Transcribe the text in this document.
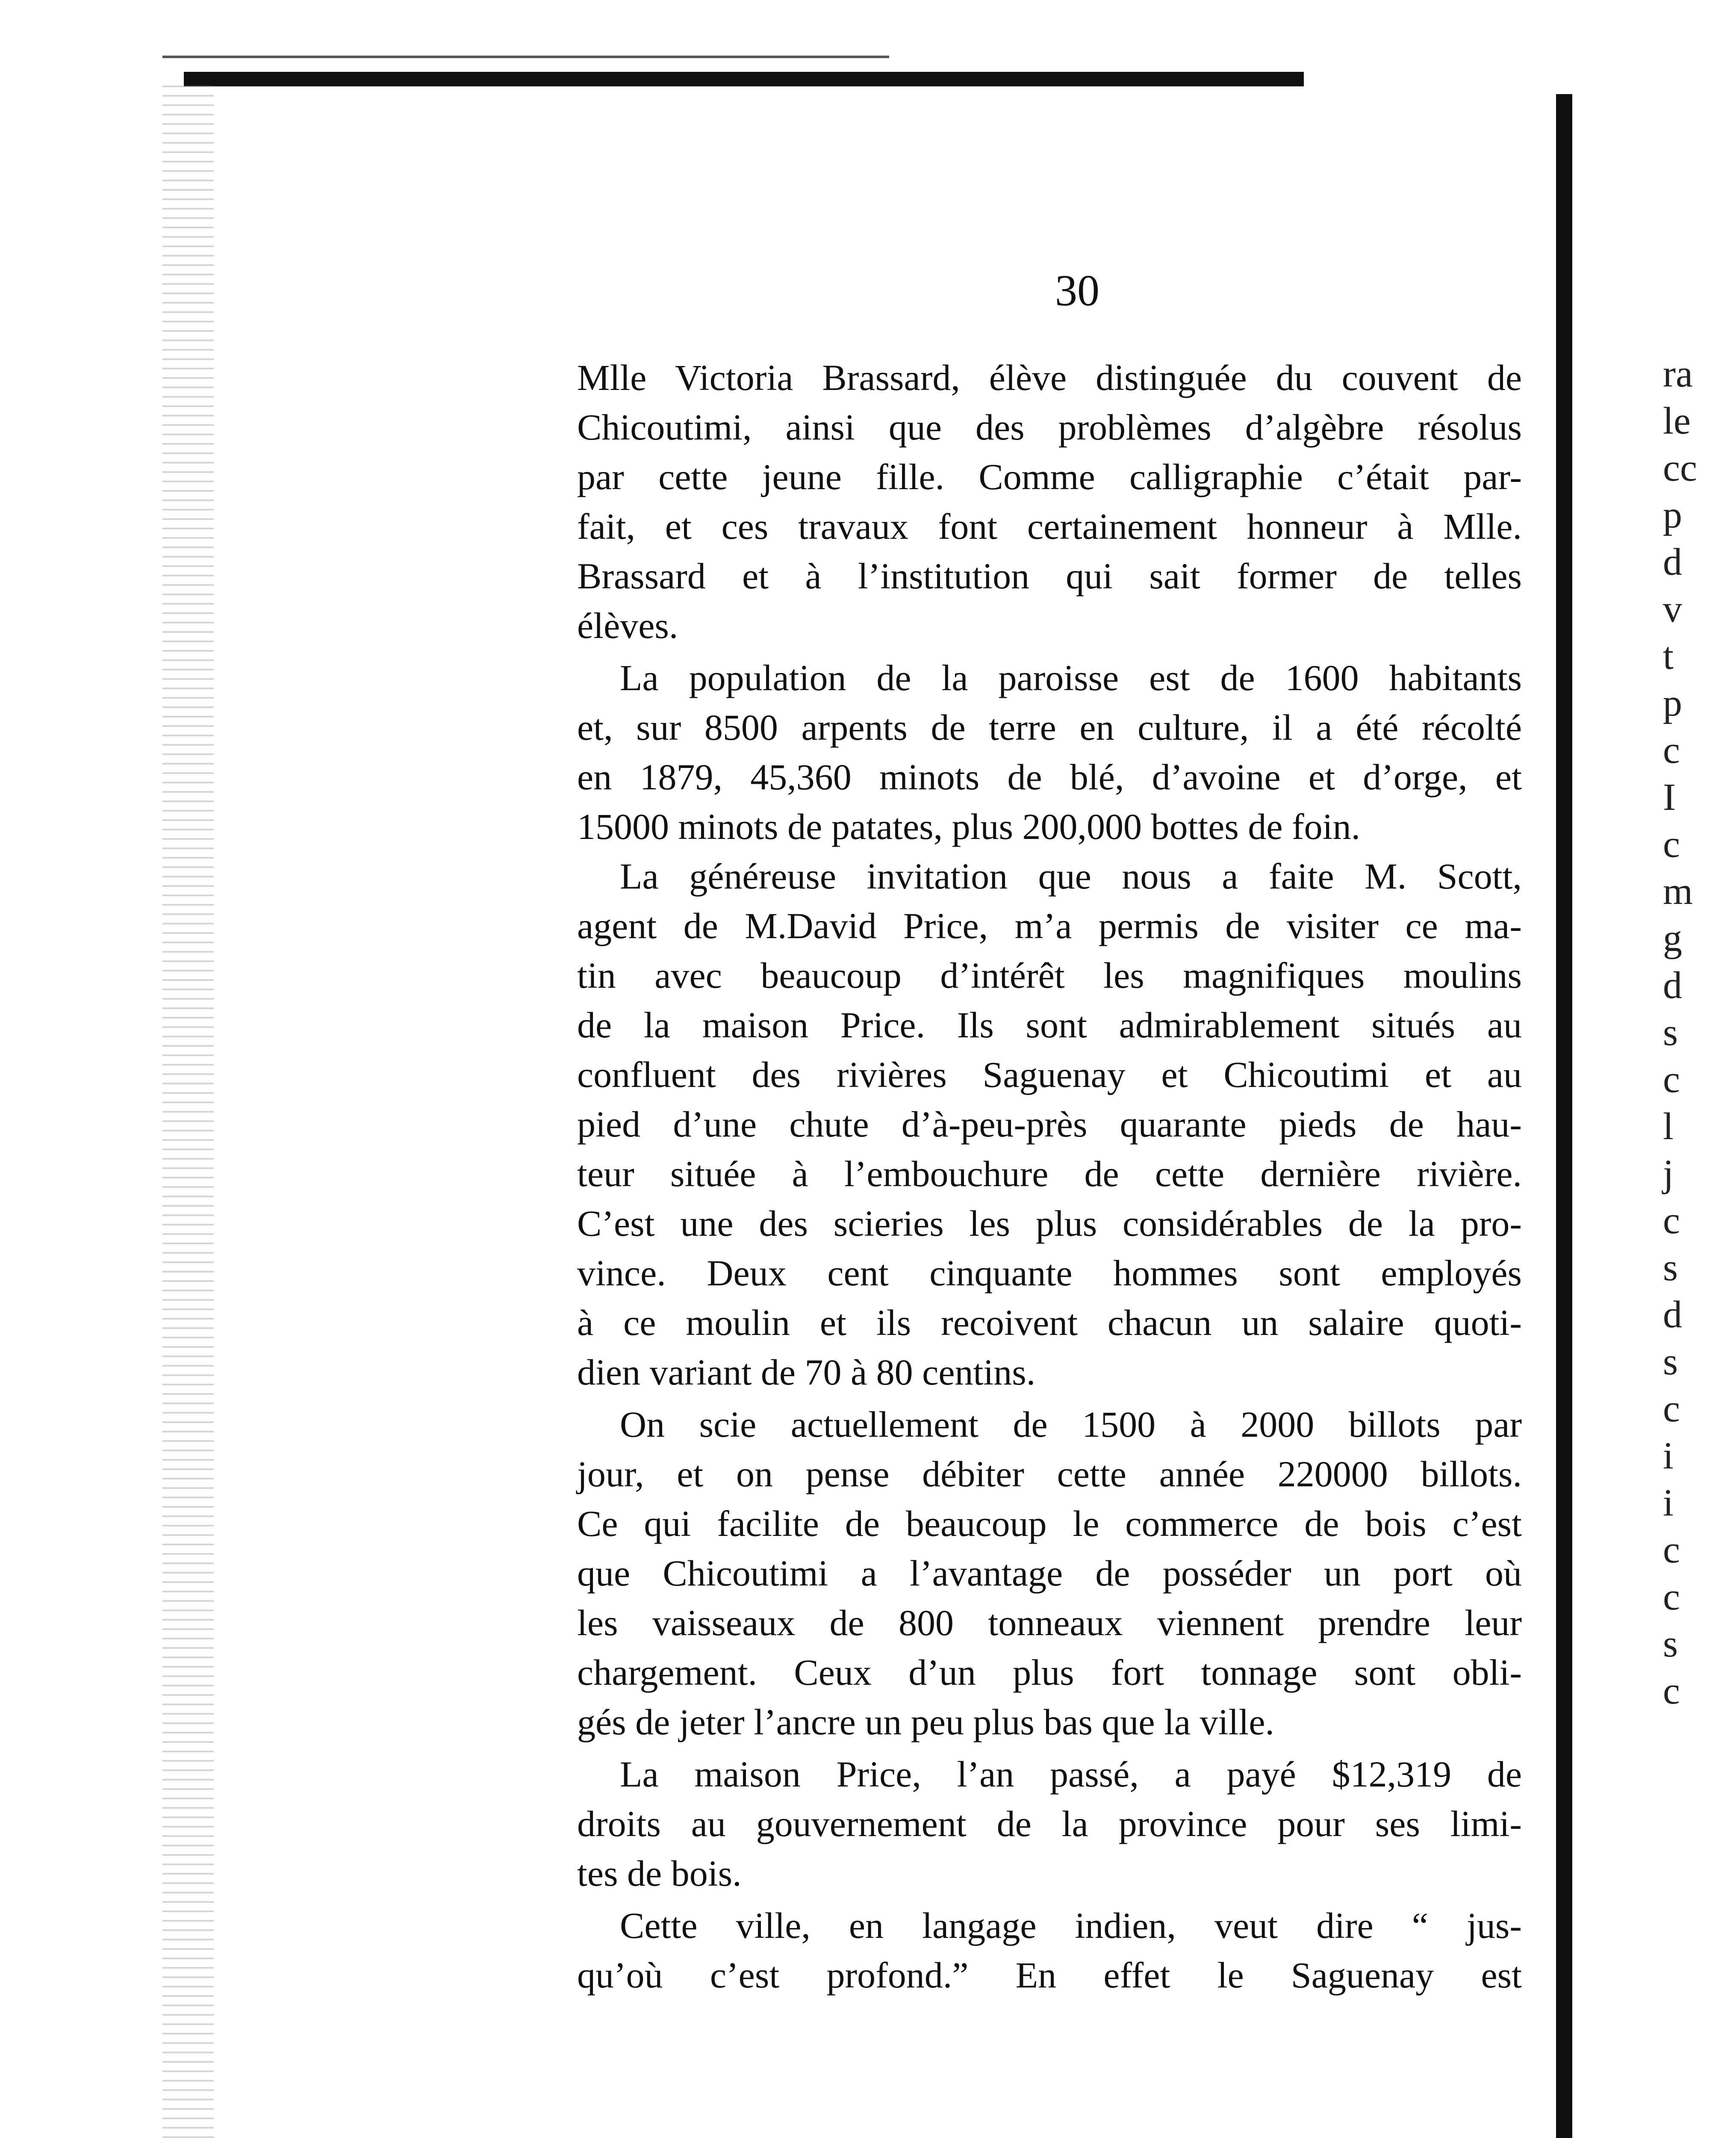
30

Mlle Victoria Brassard, élève distinguée du couvent de

Chicoutimi, ainsi que des problèmes d’algèbre résolus

par cette jeune fille. Comme calligraphie c’était par-

fait, et ces travaux font certainement honneur à Mlle.

Brassard et à l’institution qui sait former de telles

élèves.

La population de la paroisse est de 1600 habitants

et, sur 8500 arpents de terre en culture, il a été récolté

en 1879, 45,360 minots de blé, d’avoine et d’orge, et

15000 minots de patates, plus 200,000 bottes de foin.

La généreuse invitation que nous a faite M. Scott,

agent de M.David Price, m’a permis de visiter ce ma-

tin avec beaucoup d’intérêt les magnifiques moulins

de la maison Price. Ils sont admirablement situés au

confluent des rivières Saguenay et Chicoutimi et au

pied d’une chute d’à-peu-près quarante pieds de hau-

teur située à l’embouchure de cette dernière rivière.

C’est une des scieries les plus considérables de la pro-

vince. Deux cent cinquante hommes sont employés

à ce moulin et ils recoivent chacun un salaire quoti-

dien variant de 70 à 80 centins.

On scie actuellement de 1500 à 2000 billots par

jour, et on pense débiter cette année 220000 billots.

Ce qui facilite de beaucoup le commerce de bois c’est

que Chicoutimi a l’avantage de posséder un port où

les vaisseaux de 800 tonneaux viennent prendre leur

chargement. Ceux d’un plus fort tonnage sont obli-

gés de jeter l’ancre un peu plus bas que la ville.

La maison Price, l’an passé, a payé $12,319 de

droits au gouvernement de la province pour ses limi-

tes de bois.

Cette ville, en langage indien, veut dire “ jus-

qu’où c’est profond.” En effet le Saguenay est

ra
le
cc
p
d
v
t
p
c
I
c
m
g
d
s
c
l
j
c
s
d
s
c
i
i
c
c
s
c
